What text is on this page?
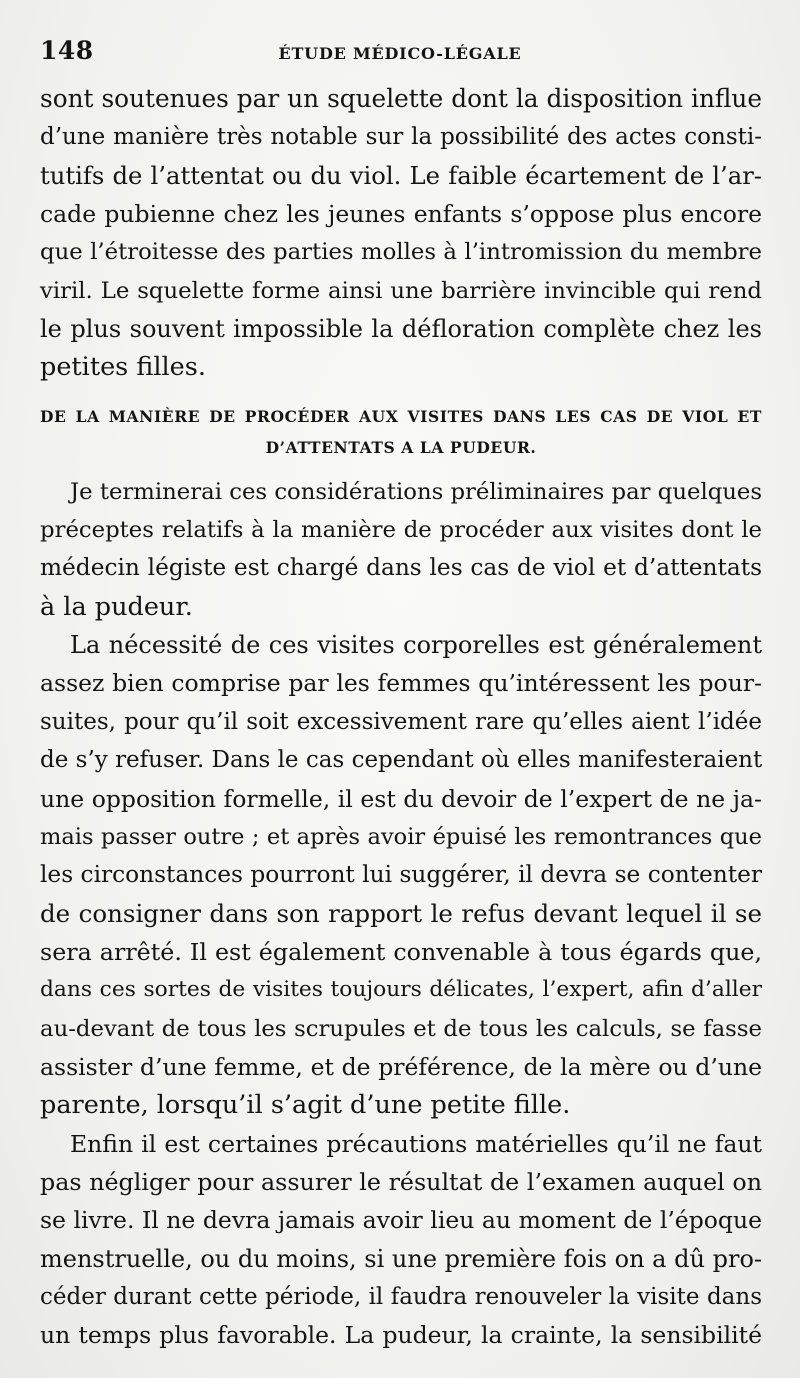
148	ÉTUDE MÉDICO-LÉGALE

sont soutenues par un squelette dont la disposition influe
d’une manière très notable sur la possibilité des actes consti-
tutifs de l’attentat ou du viol. Le faible écartement de l’ar-
cade pubienne chez les jeunes enfants s’oppose plus encore
que l’étroitesse des parties molles à l’intromission du membre
viril. Le squelette forme ainsi une barrière invincible qui rend
le plus souvent impossible la défloration complète chez les
petites filles.

DE LA MANIÈRE DE PROCÉDER AUX VISITES DANS LES CAS DE VIOL ET
D’ATTENTATS A LA PUDEUR.

Je terminerai ces considérations préliminaires par quelques
préceptes relatifs à la manière de procéder aux visites dont le
médecin légiste est chargé dans les cas de viol et d’attentats
à la pudeur.

La nécessité de ces visites corporelles est généralement
assez bien comprise par les femmes qu’intéressent les pour-
suites, pour qu’il soit excessivement rare qu’elles aient l’idée
de s’y refuser. Dans le cas cependant où elles manifesteraient
une opposition formelle, il est du devoir de l’expert de ne ja-
mais passer outre ; et après avoir épuisé les remontrances que
les circonstances pourront lui suggérer, il devra se contenter
de consigner dans son rapport le refus devant lequel il se
sera arrêté. Il est également convenable à tous égards que,
dans ces sortes de visites toujours délicates, l’expert, afin d’aller
au-devant de tous les scrupules et de tous les calculs, se fasse
assister d’une femme, et de préférence, de la mère ou d’une
parente, lorsqu’il s’agit d’une petite fille.

Enfin il est certaines précautions matérielles qu’il ne faut
pas négliger pour assurer le résultat de l’examen auquel on
se livre. Il ne devra jamais avoir lieu au moment de l’époque
menstruelle, ou du moins, si une première fois on a dû pro-
céder durant cette période, il faudra renouveler la visite dans
un temps plus favorable. La pudeur, la crainte, la sensibilité
